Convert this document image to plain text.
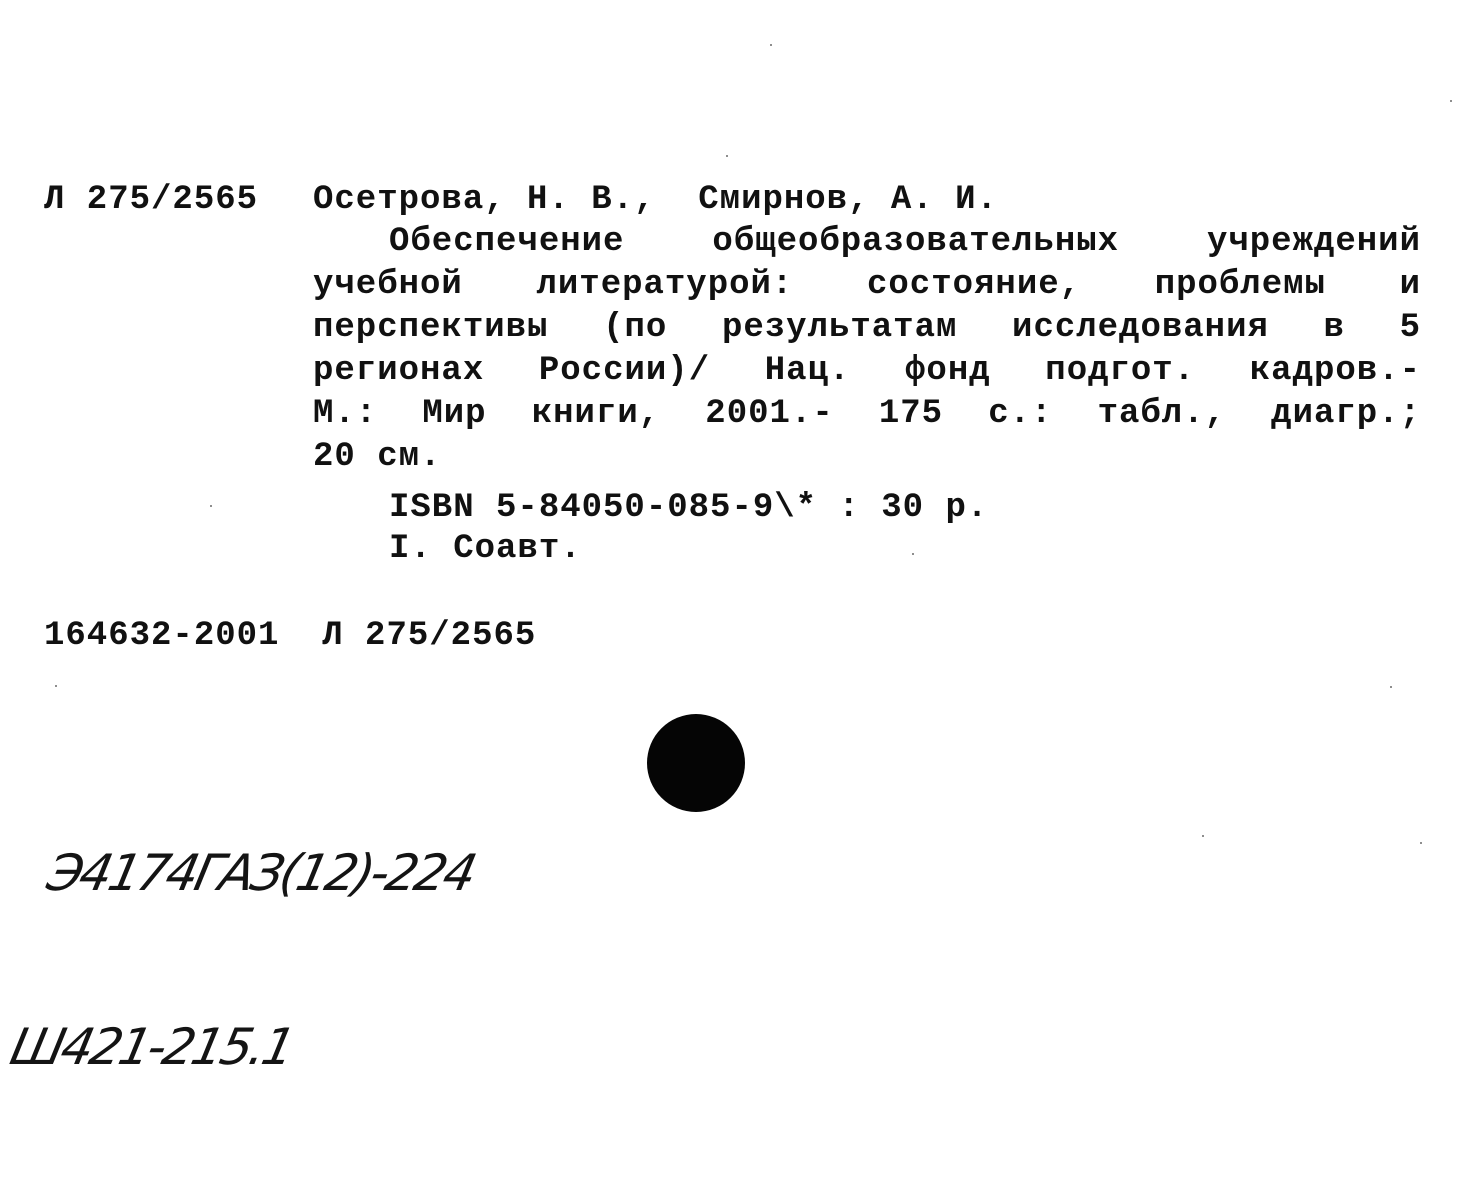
Л 275/2565 Осетрова, Н. В.,  Смирнов, А. И.
Обеспечение общеобразовательных учреждений
учебной литературой: состояние, проблемы и
перспективы (по результатам исследования в 5
регионах России)/ Нац. фонд подгот. кадров.-
М.: Мир книги, 2001.- 175 с.: табл., диагр.;
20 см.
ISBN 5-84050-085-9\* : 30 р.
I. Соавт.
164632-2001  Л 275/2565

Э4174ГАЗ(12)-224

Ш421-215.1
